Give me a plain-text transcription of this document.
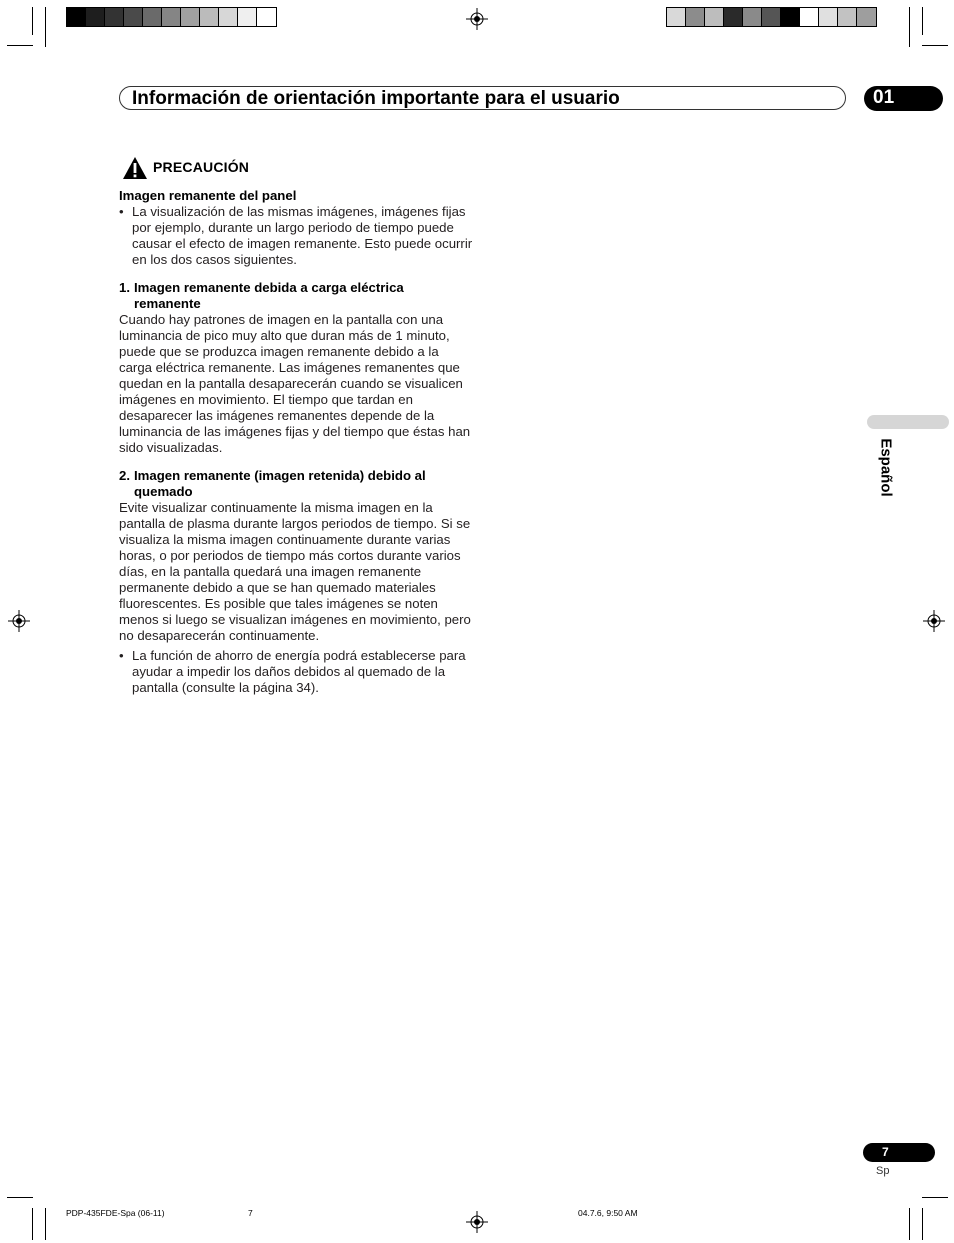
Información de orientación importante para el usuario	01
PRECAUCIÓN

Imagen remanente del panel

• La visualización de las mismas imágenes, imágenes fijas por ejemplo, durante un largo periodo de tiempo puede causar el efecto de imagen remanente. Esto puede ocurrir en los dos casos siguientes.

1. Imagen remanente debida a carga eléctrica remanente

Cuando hay patrones de imagen en la pantalla con una luminancia de pico muy alto que duran más de 1 minuto, puede que se produzca imagen remanente debido a la carga eléctrica remanente. Las imágenes remanentes que quedan en la pantalla desaparecerán cuando se visualicen imágenes en movimiento. El tiempo que tardan en desaparecer las imágenes remanentes depende de la luminancia de las imágenes fijas y del tiempo que éstas han sido visualizadas.

2. Imagen remanente (imagen retenida) debido al quemado

Evite visualizar continuamente la misma imagen en la pantalla de plasma durante largos periodos de tiempo. Si se visualiza la misma imagen continuamente durante varias horas, o por periodos de tiempo más cortos durante varios días, en la pantalla quedará una imagen remanente permanente debido a que se han quemado materiales fluorescentes. Es posible que tales imágenes se noten menos si luego se visualizan imágenes en movimiento, pero no desaparecerán continuamente.

• La función de ahorro de energía podrá establecerse para ayudar a impedir los daños debidos al quemado de la pantalla (consulte la página 34).

Español
7
Sp
PDP-435FDE-Spa (06-11)	7	04.7.6, 9:50 AM
